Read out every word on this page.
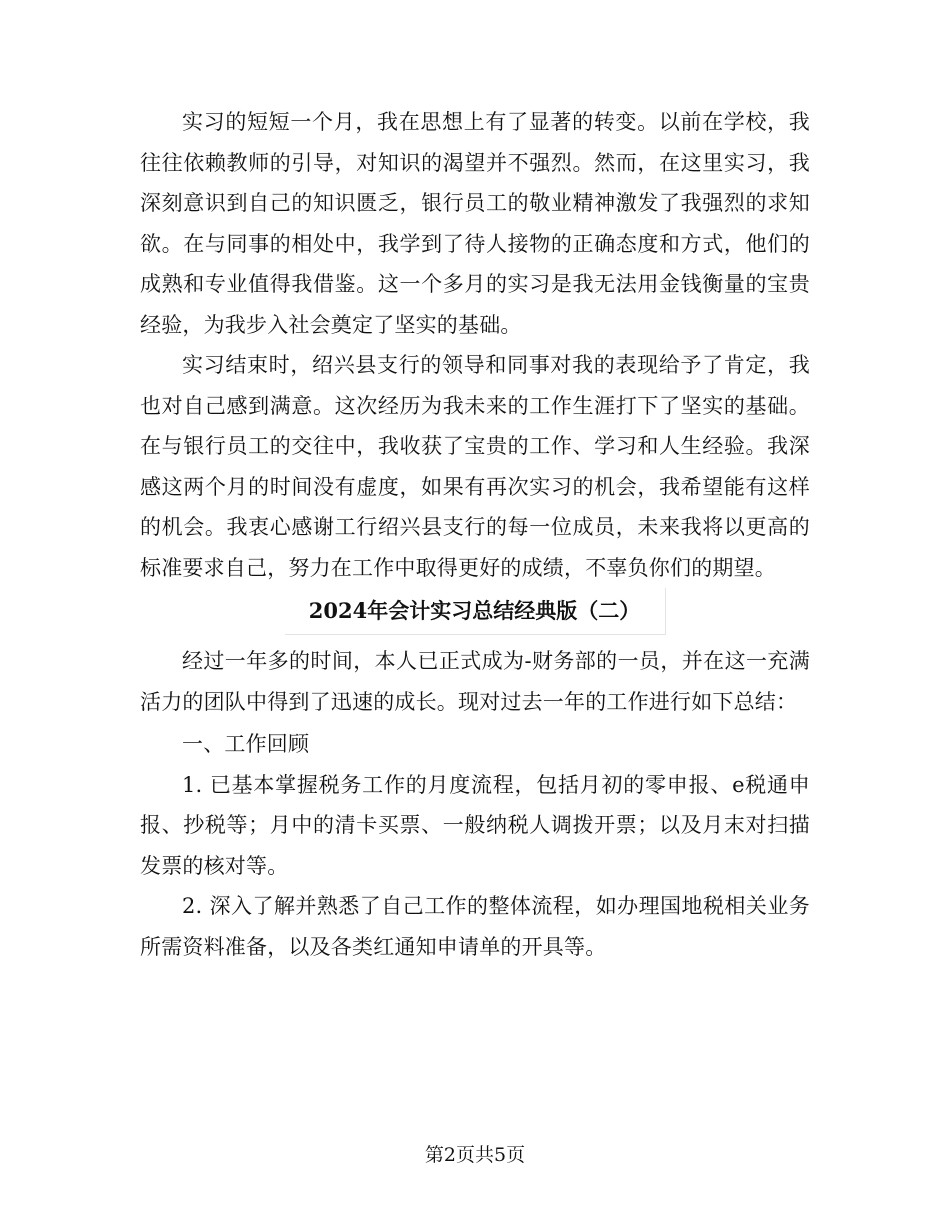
实习的短短一个月，我在思想上有了显著的转变。以前在学校，我往往依赖教师的引导，对知识的渴望并不强烈。然而，在这里实习，我深刻意识到自己的知识匮乏，银行员工的敬业精神激发了我强烈的求知欲。在与同事的相处中，我学到了待人接物的正确态度和方式，他们的成熟和专业值得我借鉴。这一个多月的实习是我无法用金钱衡量的宝贵经验，为我步入社会奠定了坚实的基础。

实习结束时，绍兴县支行的领导和同事对我的表现给予了肯定，我也对自己感到满意。这次经历为我未来的工作生涯打下了坚实的基础。在与银行员工的交往中，我收获了宝贵的工作、学习和人生经验。我深感这两个月的时间没有虚度，如果有再次实习的机会，我希望能有这样的机会。我衷心感谢工行绍兴县支行的每一位成员，未来我将以更高的标准要求自己，努力在工作中取得更好的成绩，不辜负你们的期望。

2024年会计实习总结经典版（二）

经过一年多的时间，本人已正式成为-财务部的一员，并在这一充满活力的团队中得到了迅速的成长。现对过去一年的工作进行如下总结：

一、工作回顾

1. 已基本掌握税务工作的月度流程，包括月初的零申报、e税通申报、抄税等；月中的清卡买票、一般纳税人调拨开票；以及月末对扫描发票的核对等。

2. 深入了解并熟悉了自己工作的整体流程，如办理国地税相关业务所需资料准备，以及各类红通知申请单的开具等。

第2页共5页
